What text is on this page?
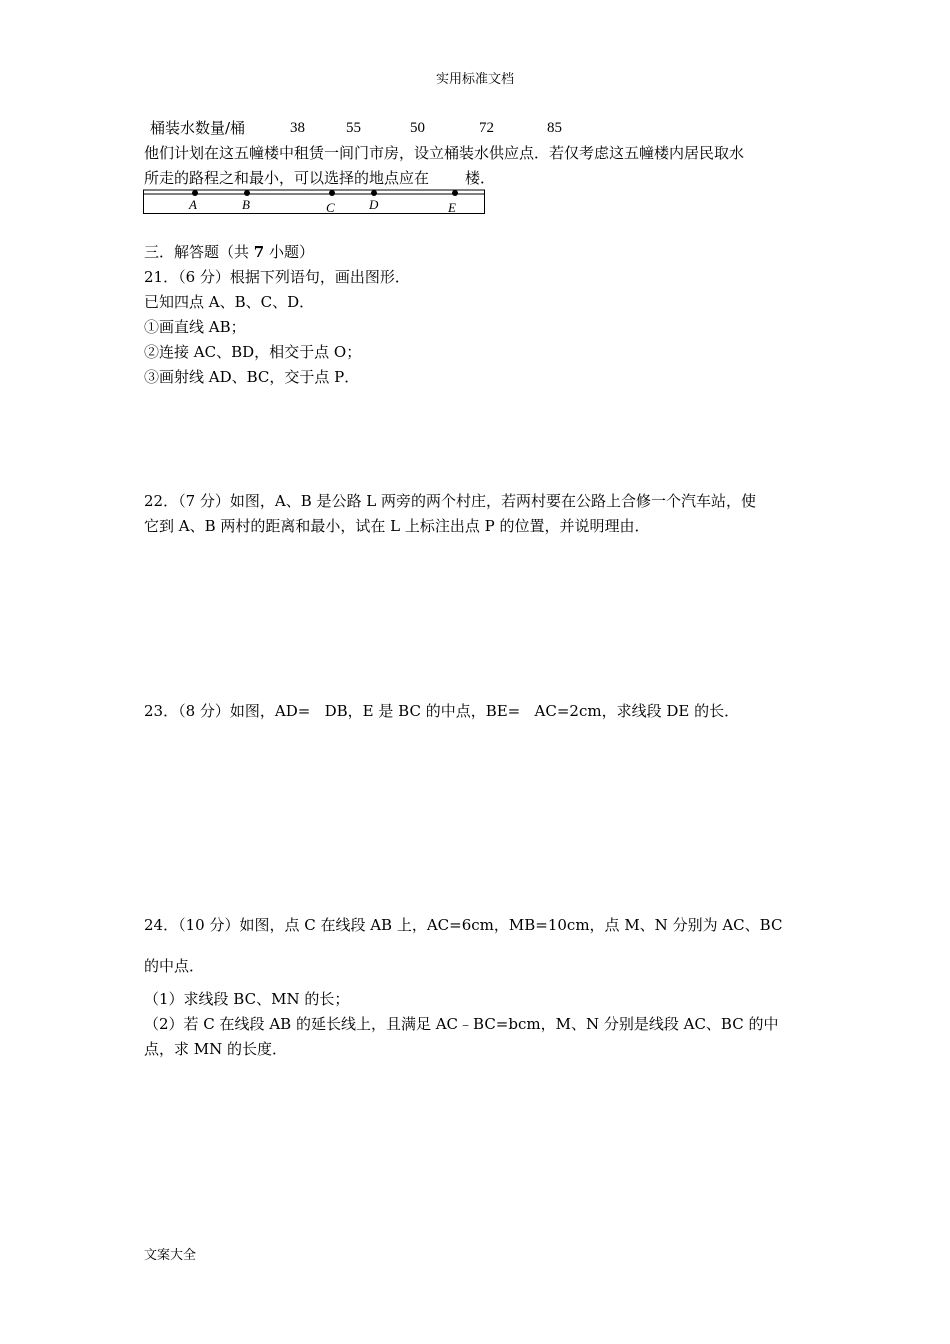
实用标准文档
桶装水数量/桶	38	55	50	72	85
他们计划在这五幢楼中租赁一间门市房，设立桶装水供应点．若仅考虑这五幢楼内居民取水
所走的路程之和最小，可以选择的地点应在 楼．
A	B	C	D	E
三．解答题（共 7 小题）
21．（6 分）根据下列语句，画出图形．
已知四点 A、B、C、D．
①画直线 AB；
②连接 AC、BD，相交于点 O；
③画射线 AD、BC，交于点 P．
22．（7 分）如图，A、B 是公路 L 两旁的两个村庄，若两村要在公路上合修一个汽车站，使
它到 A、B 两村的距离和最小，试在 L 上标注出点 P 的位置，并说明理由．
23．（8 分）如图，AD=   DB，E 是 BC 的中点，BE=   AC=2cm，求线段 DE 的长．
24．（10 分）如图，点 C 在线段 AB 上，AC=6cm，MB=10cm，点 M、N 分别为 AC、BC
的中点．
（1）求线段 BC、MN 的长；
（2）若 C 在线段 AB 的延长线上，且满足 AC﹣BC=bcm，M、N 分别是线段 AC、BC 的中
点，求 MN 的长度．
文案大全
